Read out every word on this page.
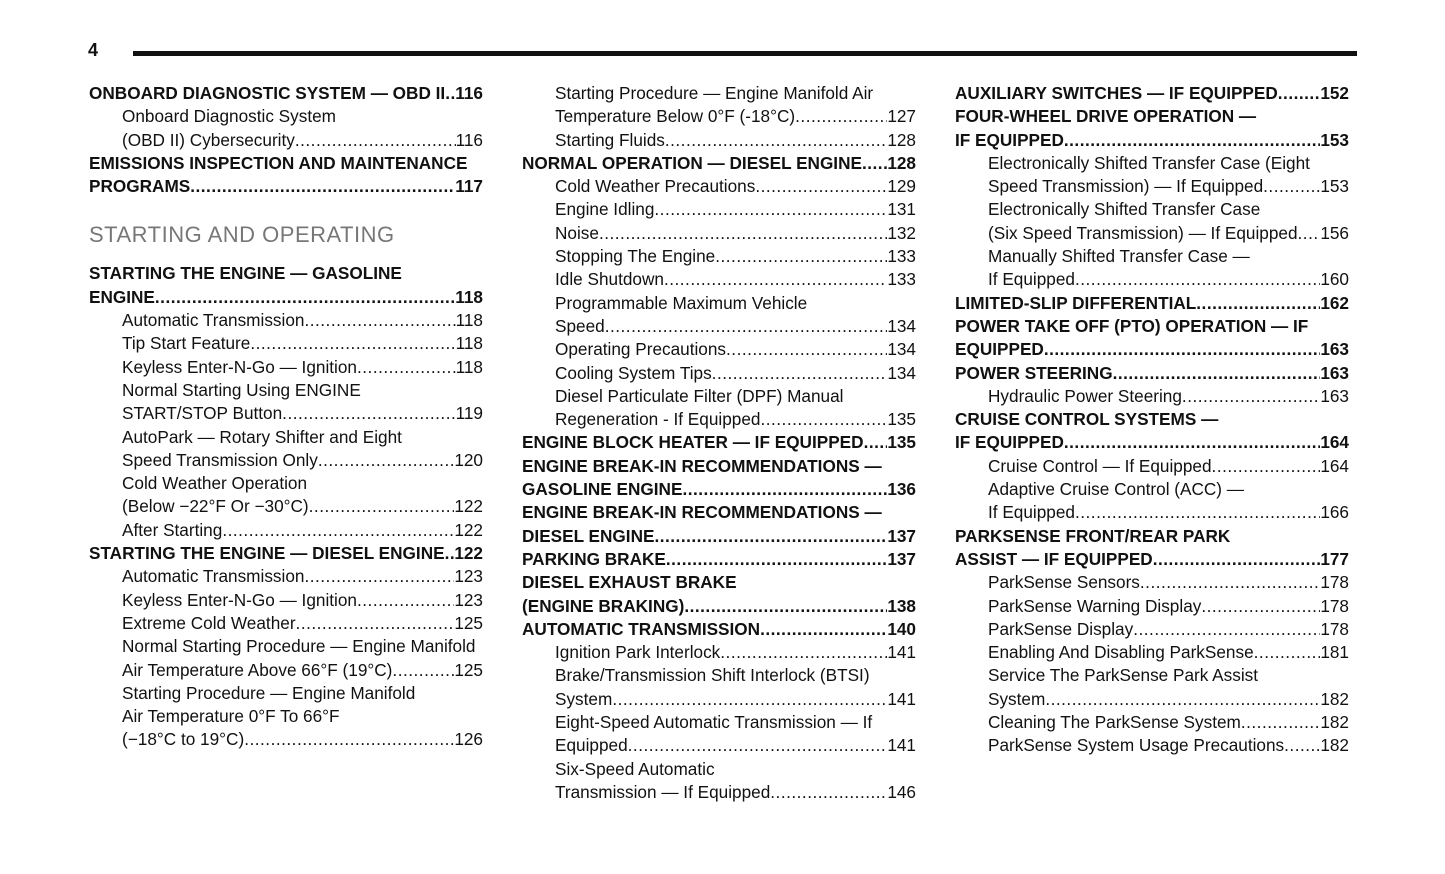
4
ONBOARD DIAGNOSTIC SYSTEM — OBD II ..... 116
Onboard Diagnostic System
(OBD II) Cybersecurity .....	116
EMISSIONS INSPECTION AND MAINTENANCE
PROGRAMS .....	117
STARTING AND OPERATING
STARTING THE ENGINE — GASOLINE
ENGINE .....	118
Automatic Transmission .....	118
Tip Start Feature .....	118
Keyless Enter-N-Go — Ignition .....	118
Normal Starting Using ENGINE
START/STOP Button .....	119
AutoPark — Rotary Shifter and Eight
Speed Transmission Only .....	120
Cold Weather Operation
(Below −22°F Or −30°C) .....	122
After Starting .....	122
STARTING THE ENGINE — DIESEL ENGINE ..... 122
Automatic Transmission .....	123
Keyless Enter-N-Go — Ignition .....	123
Extreme Cold Weather .....	125
Normal Starting Procedure — Engine Manifold
Air Temperature Above 66°F (19°C) .....	125
Starting Procedure — Engine Manifold
Air Temperature 0°F To 66°F
(−18°C to 19°C) .....	126
Starting Procedure — Engine Manifold Air
Temperature Below 0°F (-18°C) .....	127
Starting Fluids .....	128
NORMAL OPERATION — DIESEL ENGINE ..... 128
Cold Weather Precautions .....	129
Engine Idling .....	131
Noise .....	132
Stopping The Engine .....	133
Idle Shutdown .....	133
Programmable Maximum Vehicle
Speed .....	134
Operating Precautions .....	134
Cooling System Tips .....	134
Diesel Particulate Filter (DPF) Manual
Regeneration - If Equipped .....	135
ENGINE BLOCK HEATER — IF EQUIPPED ..... 135
ENGINE BREAK-IN RECOMMENDATIONS —
GASOLINE ENGINE .....	136
ENGINE BREAK-IN RECOMMENDATIONS —
DIESEL ENGINE .....	137
PARKING BRAKE .....	137
DIESEL EXHAUST BRAKE
(ENGINE BRAKING) .....	138
AUTOMATIC TRANSMISSION .....	140
Ignition Park Interlock .....	141
Brake/Transmission Shift Interlock (BTSI)
System .....	141
Eight-Speed Automatic Transmission — If
Equipped .....	141
Six-Speed Automatic
Transmission — If Equipped .....	146
AUXILIARY SWITCHES — IF EQUIPPED ..... 152
FOUR-WHEEL DRIVE OPERATION —
IF EQUIPPED .....	153
Electronically Shifted Transfer Case (Eight
Speed Transmission) — If Equipped .....	153
Electronically Shifted Transfer Case
(Six Speed Transmission) — If Equipped ..... 156
Manually Shifted Transfer Case —
If Equipped .....	160
LIMITED-SLIP DIFFERENTIAL .....	162
POWER TAKE OFF (PTO) OPERATION — IF
EQUIPPED .....	163
POWER STEERING .....	163
Hydraulic Power Steering .....	163
CRUISE CONTROL SYSTEMS —
IF EQUIPPED .....	164
Cruise Control — If Equipped .....	164
Adaptive Cruise Control (ACC) —
If Equipped .....	166
PARKSENSE FRONT/REAR PARK
ASSIST — IF EQUIPPED .....	177
ParkSense Sensors .....	178
ParkSense Warning Display .....	178
ParkSense Display .....	178
Enabling And Disabling ParkSense .....	181
Service The ParkSense Park Assist
System .....	182
Cleaning The ParkSense System .....	182
ParkSense System Usage Precautions ..... 182
